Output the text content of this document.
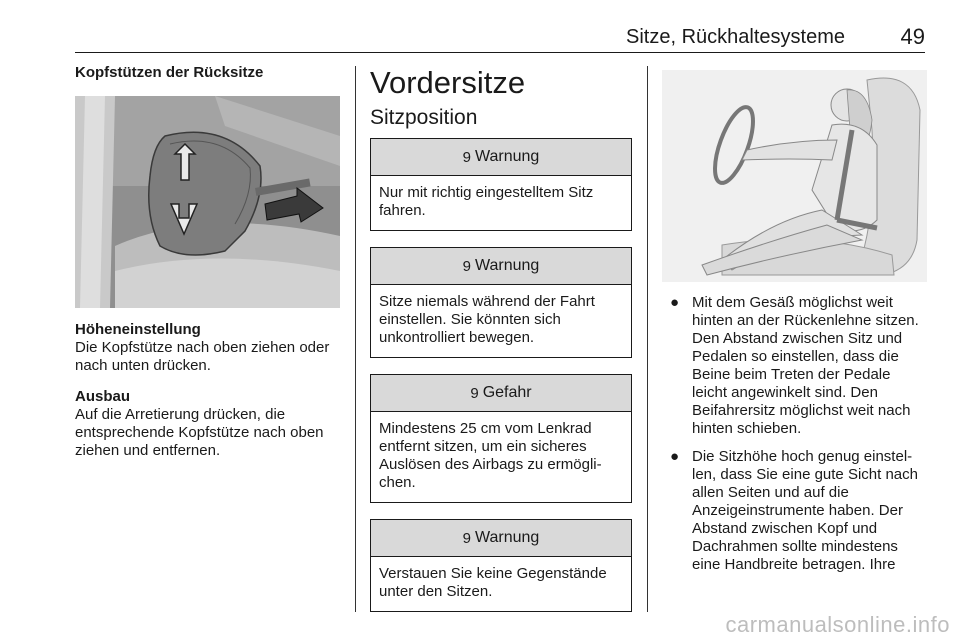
Sitze, Rückhaltesysteme	49
Kopfstützen der Rücksitze
Höheneinstellung

Die Kopfstütze nach oben ziehen oder nach unten drücken.

Ausbau

Auf die Arretierung drücken, die entsprechende Kopfstütze nach oben ziehen und entfernen.

Vordersitze
Sitzposition
9 Warnung
Nur mit richtig eingestelltem Sitz fahren.
9 Warnung
Sitze niemals während der Fahrt einstellen. Sie könnten sich unkontrolliert bewegen.
9 Gefahr
Mindestens 25 cm vom Lenkrad entfernt sitzen, um ein sicheres Auslösen des Airbags zu ermögli-chen.
9 Warnung
Verstauen Sie keine Gegenstände unter den Sitzen.
● Mit dem Gesäß möglichst weit hinten an der Rückenlehne sitzen. Den Abstand zwischen Sitz und Pedalen so einstellen, dass die Beine beim Treten der Pedale leicht angewinkelt sind. Den Beifahrersitz möglichst weit nach hinten schieben.
● Die Sitzhöhe hoch genug einstel-len, dass Sie eine gute Sicht nach allen Seiten und auf die Anzeigeinstrumente haben. Der Abstand zwischen Kopf und Dachrahmen sollte mindestens eine Handbreite betragen. Ihre
carmanualsonline.info
